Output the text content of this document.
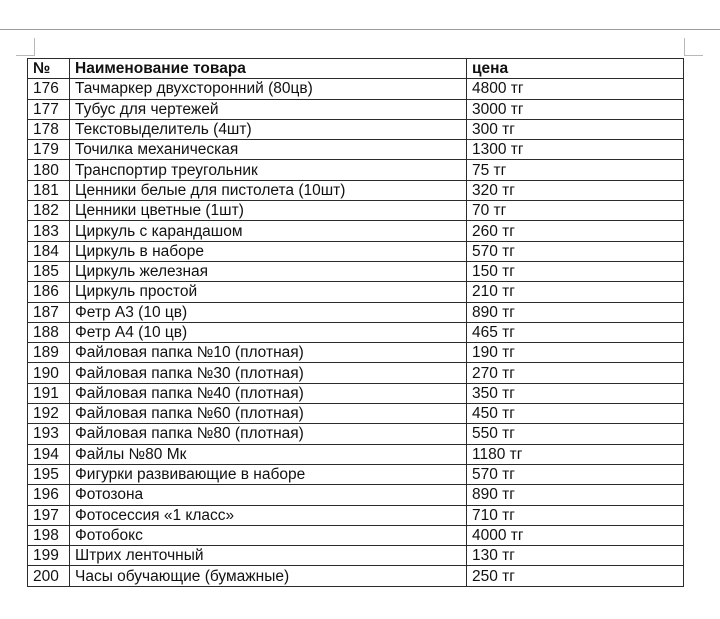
№	Наименование товара	цена
176	Тачмаркер двухсторонний (80цв)	4800 тг
177	Тубус для чертежей	3000 тг
178	Текстовыделитель (4шт)	300 тг
179	Точилка механическая	1300 тг
180	Транспортир треугольник	75 тг
181	Ценники белые для пистолета (10шт)	320 тг
182	Ценники цветные (1шт)	70 тг
183	Циркуль с карандашом	260 тг
184	Циркуль в наборе	570 тг
185	Циркуль железная	150 тг
186	Циркуль простой	210 тг
187	Фетр А3 (10 цв)	890 тг
188	Фетр А4 (10 цв)	465 тг
189	Файловая папка №10 (плотная)	190 тг
190	Файловая папка №30 (плотная)	270 тг
191	Файловая папка №40 (плотная)	350 тг
192	Файловая папка №60 (плотная)	450 тг
193	Файловая папка №80 (плотная)	550 тг
194	Файлы №80 Мк	1180 тг
195	Фигурки развивающие в наборе	570 тг
196	Фотозона	890 тг
197	Фотосессия «1 класс»	710 тг
198	Фотобокс	4000 тг
199	Штрих ленточный	130 тг
200	Часы обучающие (бумажные)	250 тг
